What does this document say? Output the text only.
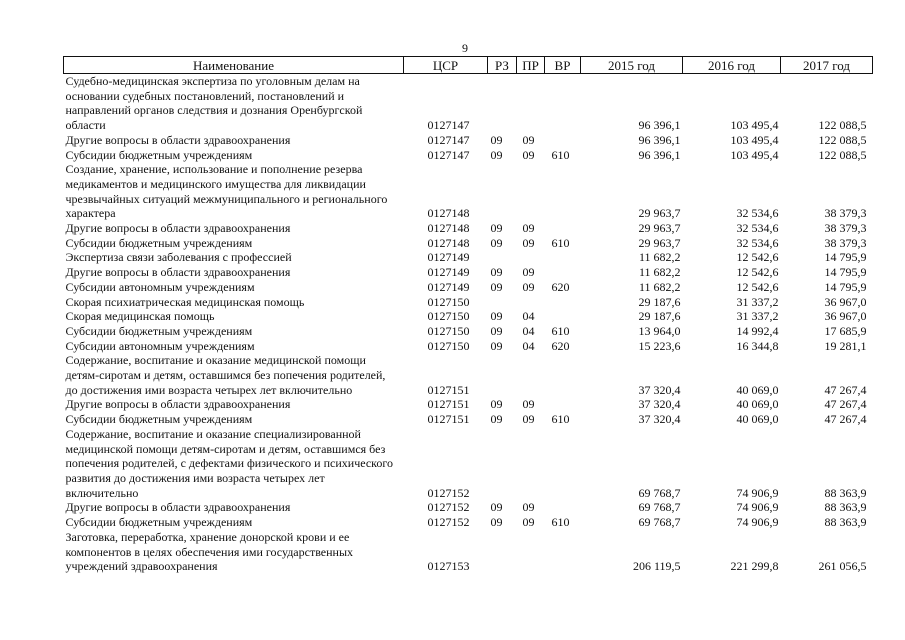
9
Наименование	ЦСР	РЗ	ПР	ВР	2015 год	2016 год	2017 год
Судебно-медицинская экспертиза по уголовным делам на основании судебных постановлений, постановлений и направлений органов следствия и дознания Оренбургской области	0127147				96 396,1	103 495,4	122 088,5
Другие вопросы в области здравоохранения	0127147	09	09		96 396,1	103 495,4	122 088,5
Субсидии бюджетным учреждениям	0127147	09	09	610	96 396,1	103 495,4	122 088,5
Создание, хранение, использование и пополнение резерва медикаментов и медицинского имущества для ликвидации чрезвычайных ситуаций межмуниципального и регионального характера	0127148				29 963,7	32 534,6	38 379,3
Другие вопросы в области здравоохранения	0127148	09	09		29 963,7	32 534,6	38 379,3
Субсидии бюджетным учреждениям	0127148	09	09	610	29 963,7	32 534,6	38 379,3
Экспертиза связи заболевания с профессией	0127149				11 682,2	12 542,6	14 795,9
Другие вопросы в области здравоохранения	0127149	09	09		11 682,2	12 542,6	14 795,9
Субсидии автономным учреждениям	0127149	09	09	620	11 682,2	12 542,6	14 795,9
Скорая психиатрическая медицинская помощь	0127150				29 187,6	31 337,2	36 967,0
Скорая медицинская помощь	0127150	09	04		29 187,6	31 337,2	36 967,0
Субсидии бюджетным учреждениям	0127150	09	04	610	13 964,0	14 992,4	17 685,9
Субсидии автономным учреждениям	0127150	09	04	620	15 223,6	16 344,8	19 281,1
Содержание, воспитание и оказание медицинской помощи детям-сиротам и детям, оставшимся без попечения родителей, до достижения ими возраста четырех лет включительно	0127151				37 320,4	40 069,0	47 267,4
Другие вопросы в области здравоохранения	0127151	09	09		37 320,4	40 069,0	47 267,4
Субсидии бюджетным учреждениям	0127151	09	09	610	37 320,4	40 069,0	47 267,4
Содержание, воспитание и оказание специализированной медицинской помощи детям-сиротам и детям, оставшимся без попечения родителей, с дефектами физического и психического развития до достижения ими возраста четырех лет включительно	0127152				69 768,7	74 906,9	88 363,9
Другие вопросы в области здравоохранения	0127152	09	09		69 768,7	74 906,9	88 363,9
Субсидии бюджетным учреждениям	0127152	09	09	610	69 768,7	74 906,9	88 363,9
Заготовка, переработка, хранение донорской крови и ее компонентов в целях обеспечения ими государственных учреждений здравоохранения	0127153				206 119,5	221 299,8	261 056,5
